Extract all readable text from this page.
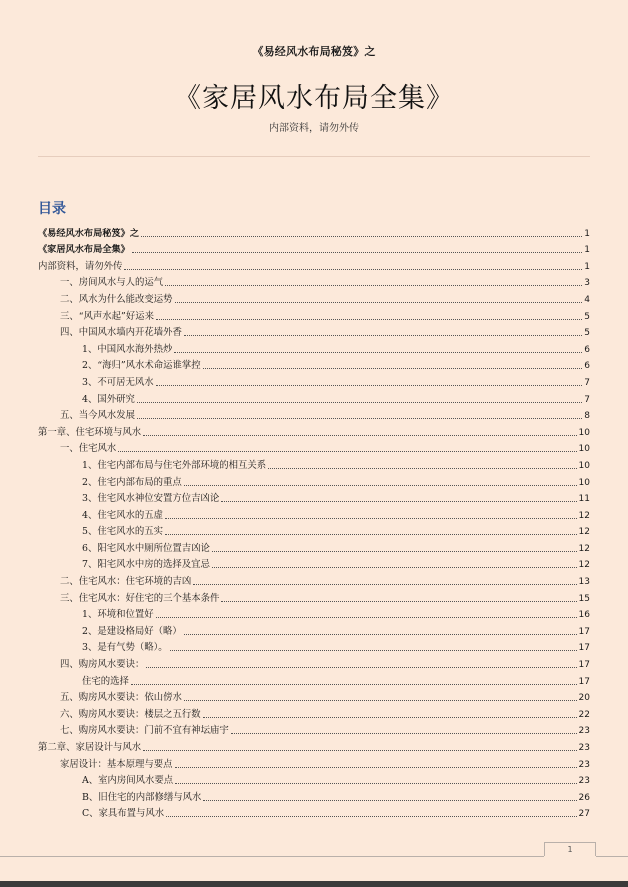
《易经风水布局秘笈》之
《家居风水布局全集》
内部资料，请勿外传
目录
《易经风水布局秘笈》之	1
《家居风水布局全集》	1
内部资料，请勿外传	1
一、房间风水与人的运气	3
二、风水为什么能改变运势	4
三、“风声水起”好运来	5
四、中国风水墙内开花墙外香	5
1、中国风水海外热炒	6
2、“海归”风水术命运谁掌控	6
3、不可居无风水	7
4、国外研究	7
五、当今风水发展	8
第一章、住宅环境与风水	10
一、住宅风水	10
1、住宅内部布局与住宅外部环境的相互关系	10
2、住宅内部布局的重点	10
3、住宅风水神位安置方位吉凶论	11
4、住宅风水的五虚	12
5、住宅风水的五实	12
6、阳宅风水中厕所位置吉凶论	12
7、阳宅风水中房的选择及宜忌	12
二、住宅风水：住宅环境的吉凶	13
三、住宅风水：好住宅的三个基本条件	15
1、环境和位置好	16
2、是建设格局好（略）	17
3、是有气势（略）。	17
四、购房风水要诀：	17
住宅的选择	17
五、购房风水要诀：依山傍水	20
六、购房风水要诀：楼层之五行数	22
七、购房风水要诀：门前不宜有神坛庙宇	23
第二章、家居设计与风水	23
家居设计：基本原理与要点	23
A、室内房间风水要点	23
B、旧住宅的内部修缮与风水	26
C、家具布置与风水	27
1
